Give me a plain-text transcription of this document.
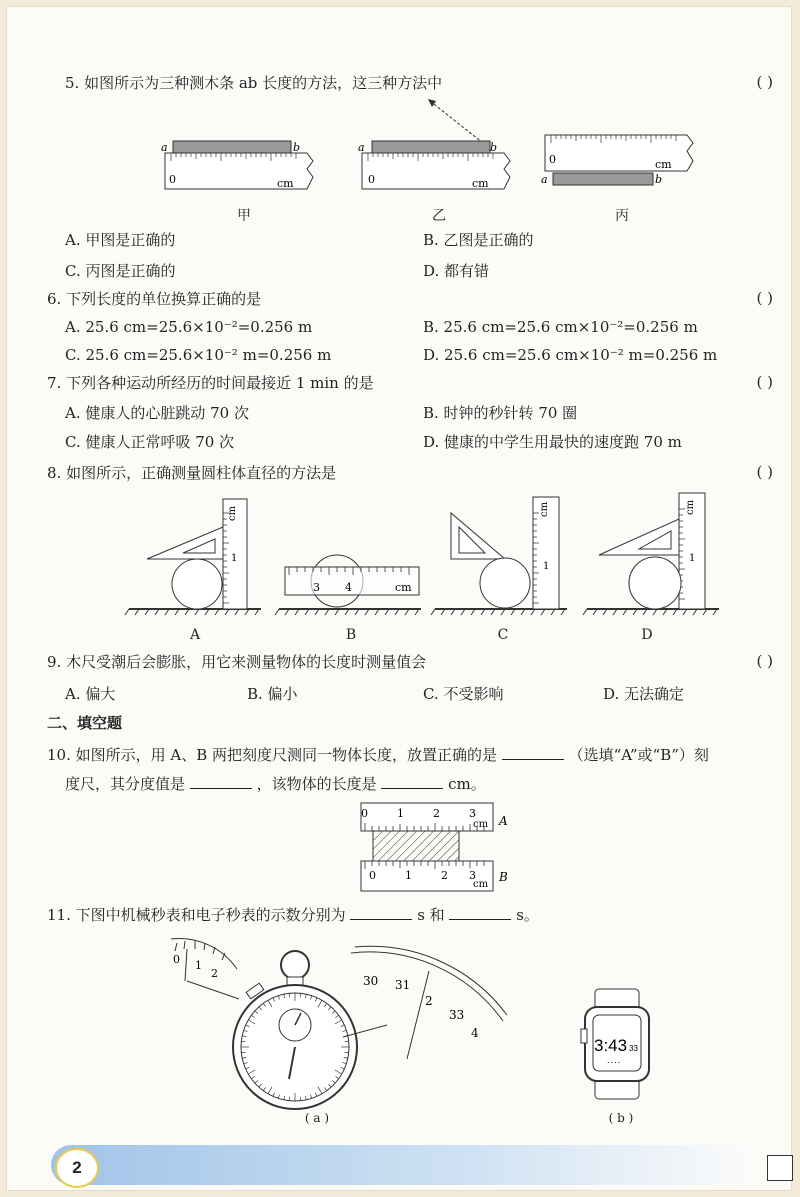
5. 如图所示为三种测木条 ab 长度的方法，这三种方法中	( )
0	cm
a	b
0	cm
a	b
0	cm
a	b
甲	乙	丙
A. 甲图是正确的	B. 乙图是正确的
C. 丙图是正确的	D. 都有错
6. 下列长度的单位换算正确的是	( )
A. 25.6 cm=25.6×10⁻²=0.256 m	B. 25.6 cm=25.6 cm×10⁻²=0.256 m
C. 25.6 cm=25.6×10⁻² m=0.256 m	D. 25.6 cm=25.6 cm×10⁻² m=0.256 m
7. 下列各种运动所经历的时间最接近 1 min 的是	( )
A. 健康人的心脏跳动 70 次	B. 时钟的秒针转 70 圈
C. 健康人正常呼吸 70 次	D. 健康的中学生用最快的速度跑 70 m
8. 如图所示，正确测量圆柱体直径的方法是	( )
cm
1
A
3 4	cm
B
cm
1
C
cm
1
D
9. 木尺受潮后会膨胀，用它来测量物体的长度时测量值会	( )
A. 偏大	B. 偏小	C. 不受影响	D. 无法确定
二、填空题
10. 如图所示，用 A、B 两把刻度尺测同一物体长度，放置正确的是	（选填“A”或“B”）刻
度尺，其分度值是	，该物体的长度是	cm。
0	1	2	3
cm A
0	1	2 3
cm
B
11. 下图中机械秒表和电子秒表的示数分别为	s 和	s。
0 1
2
30 31
2
33
4
( a )
3:43 33
....
( b )
2
